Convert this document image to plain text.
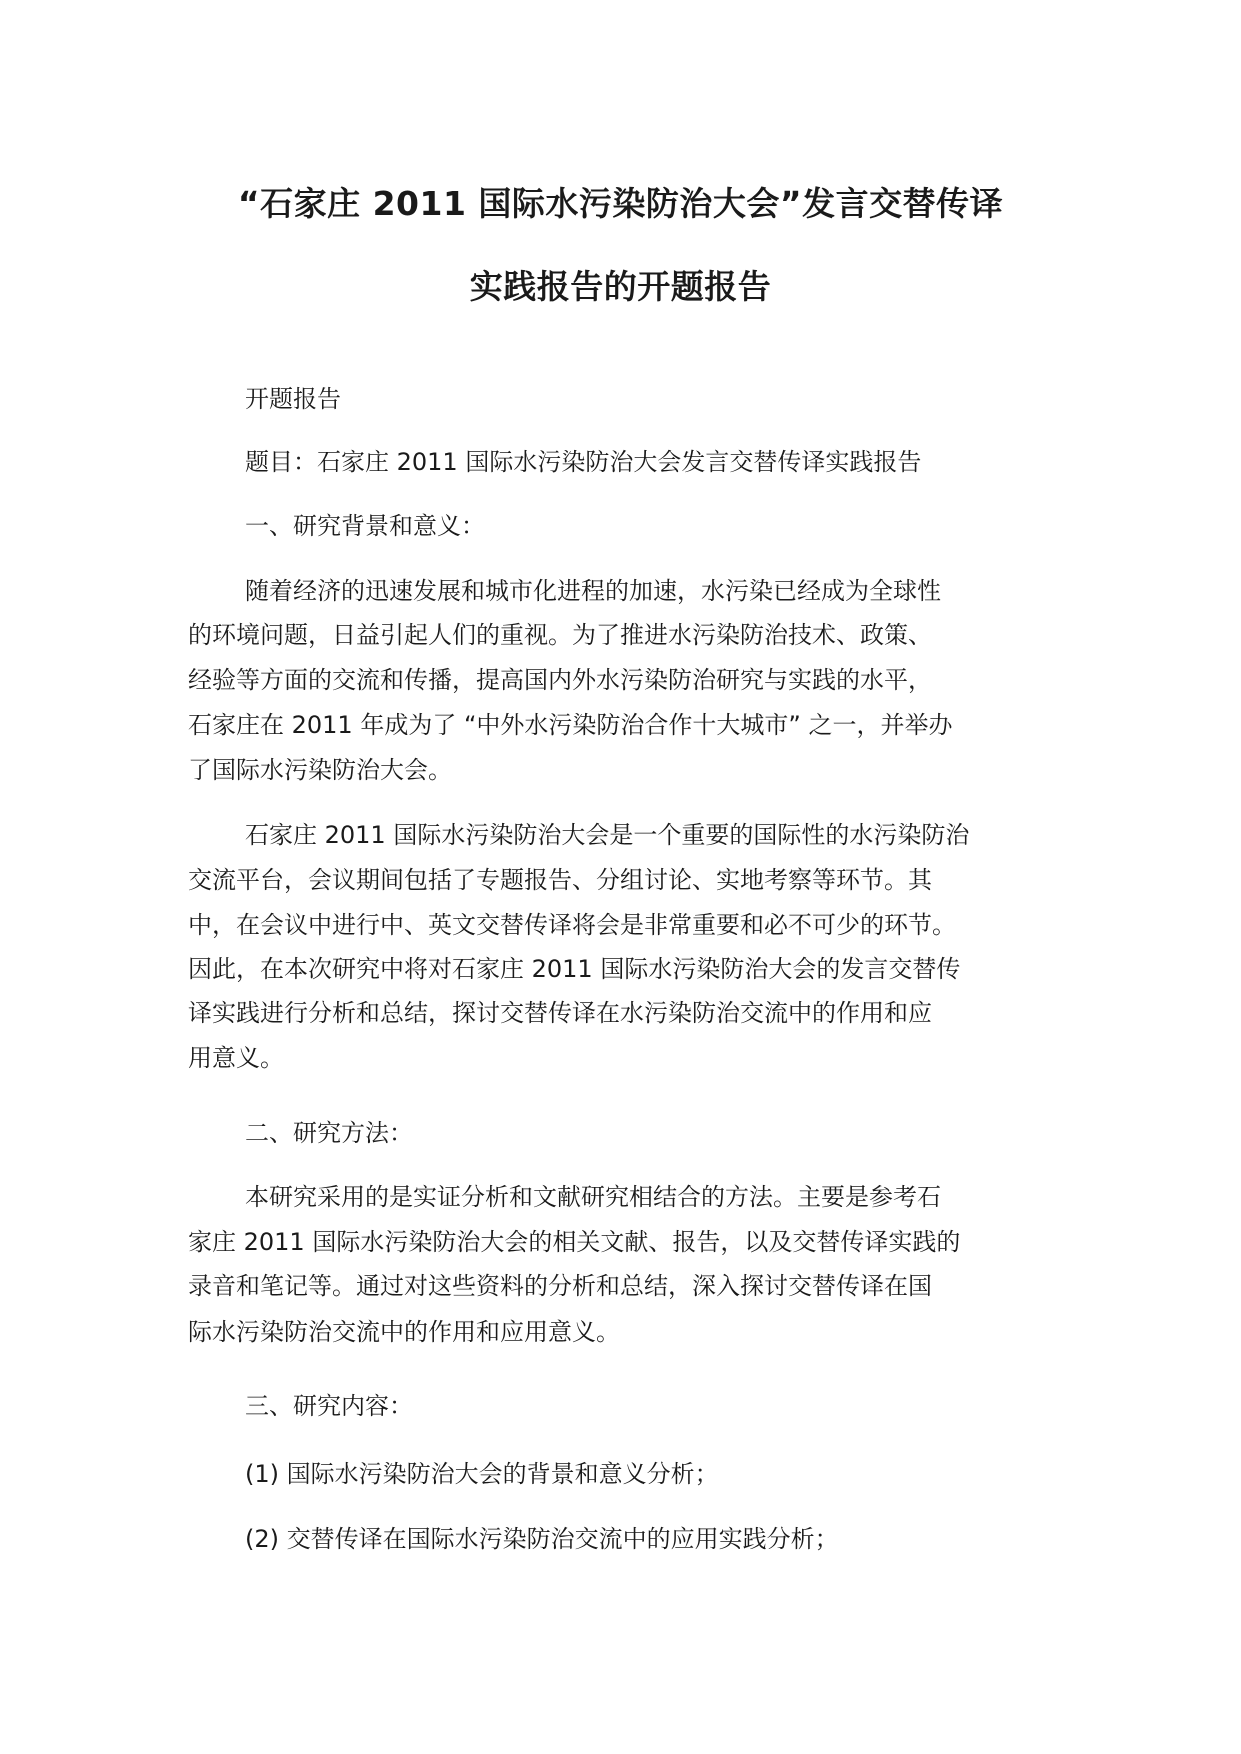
“石家庄 2011 国际水污染防治大会”发言交替传译
实践报告的开题报告
开题报告
题目：石家庄 2011 国际水污染防治大会发言交替传译实践报告
一、研究背景和意义：
随着经济的迅速发展和城市化进程的加速，水污染已经成为全球性
的环境问题，日益引起人们的重视。为了推进水污染防治技术、政策、
经验等方面的交流和传播，提高国内外水污染防治研究与实践的水平，
石家庄在 2011 年成为了 “中外水污染防治合作十大城市” 之一，并举办
了国际水污染防治大会。
石家庄 2011 国际水污染防治大会是一个重要的国际性的水污染防治
交流平台，会议期间包括了专题报告、分组讨论、实地考察等环节。其
中，在会议中进行中、英文交替传译将会是非常重要和必不可少的环节。
因此，在本次研究中将对石家庄 2011 国际水污染防治大会的发言交替传
译实践进行分析和总结，探讨交替传译在水污染防治交流中的作用和应
用意义。
二、研究方法：
本研究采用的是实证分析和文献研究相结合的方法。主要是参考石
家庄 2011 国际水污染防治大会的相关文献、报告，以及交替传译实践的
录音和笔记等。通过对这些资料的分析和总结，深入探讨交替传译在国
际水污染防治交流中的作用和应用意义。
三、研究内容：
(1) 国际水污染防治大会的背景和意义分析；
(2) 交替传译在国际水污染防治交流中的应用实践分析；
